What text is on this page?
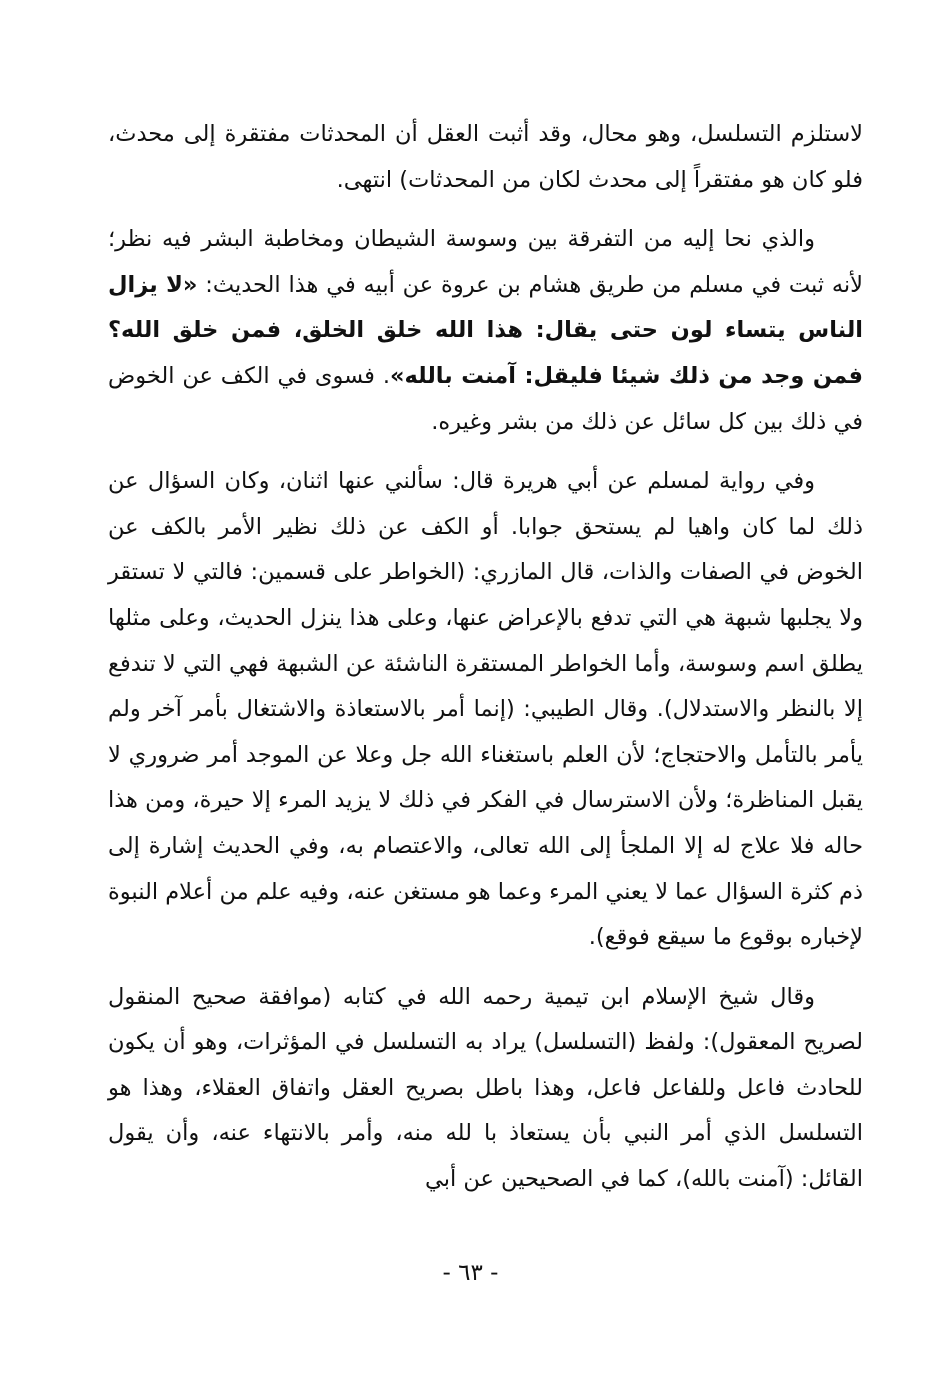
لاستلزم التسلسل، وهو محال، وقد أثبت العقل أن المحدثات مفتقرة إلى محدث، فلو كان هو مفتقراً إلى محدث لكان من المحدثات) انتهى.

والذي نحا إليه من التفرقة بين وسوسة الشيطان ومخاطبة البشر فيه نظر؛ لأنه ثبت في مسلم من طريق هشام بن عروة عن أبيه في هذا الحديث: «لا يزال الناس يتساء لون حتى يقال: هذا الله خلق الخلق، فمن خلق الله؟ فمن وجد من ذلك شيئا فليقل: آمنت بالله». فسوى في الكف عن الخوض في ذلك بين كل سائل عن ذلك من بشر وغيره.

وفي رواية لمسلم عن أبي هريرة قال: سألني عنها اثنان، وكان السؤال عن ذلك لما كان واهيا لم يستحق جوابا. أو الكف عن ذلك نظير الأمر بالكف عن الخوض في الصفات والذات، قال المازري: (الخواطر على قسمين: فالتي لا تستقر ولا يجلبها شبهة هي التي تدفع بالإعراض عنها، وعلى هذا ينزل الحديث، وعلى مثلها يطلق اسم وسوسة، وأما الخواطر المستقرة الناشئة عن الشبهة فهي التي لا تندفع إلا بالنظر والاستدلال). وقال الطيبي: (إنما أمر بالاستعاذة والاشتغال بأمر آخر ولم يأمر بالتأمل والاحتجاج؛ لأن العلم باستغناء الله جل وعلا عن الموجد أمر ضروري لا يقبل المناظرة؛ ولأن الاسترسال في الفكر في ذلك لا يزيد المرء إلا حيرة، ومن هذا حاله فلا علاج له إلا الملجأ إلى الله تعالى، والاعتصام به، وفي الحديث إشارة إلى ذم كثرة السؤال عما لا يعني المرء وعما هو مستغن عنه، وفيه علم من أعلام النبوة لإخباره بوقوع ما سيقع فوقع).

وقال شيخ الإسلام ابن تيمية رحمه الله في كتابه (موافقة صحيح المنقول لصريح المعقول): ولفظ (التسلسل) يراد به التسلسل في المؤثرات، وهو أن يكون للحادث فاعل وللفاعل فاعل، وهذا باطل بصريح العقل واتفاق العقلاء، وهذا هو التسلسل الذي أمر النبي بأن يستعاذ با لله منه، وأمر بالانتهاء عنه، وأن يقول القائل: (آمنت بالله)، كما في الصحيحين عن أبي

- ٦٣ -
